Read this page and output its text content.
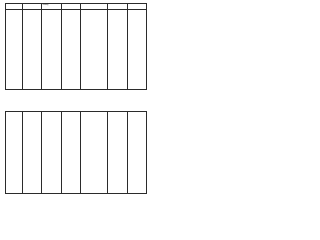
		Nursing				
